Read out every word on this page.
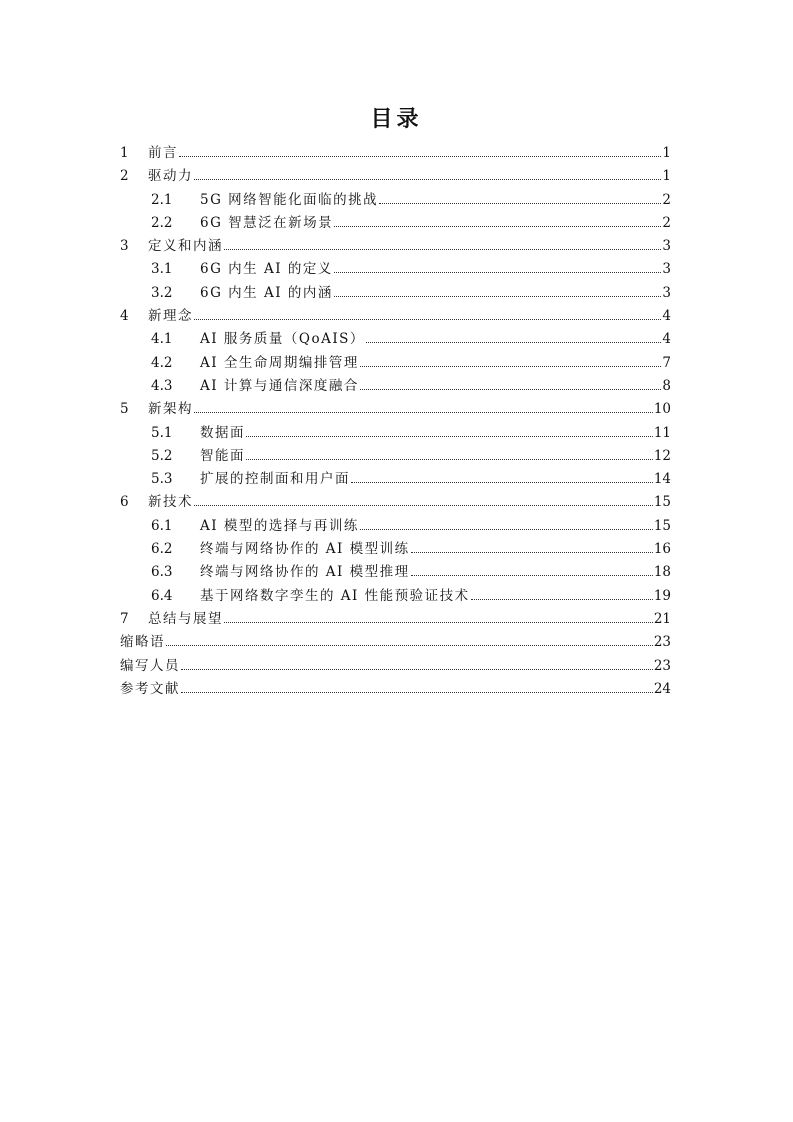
目录
1	前言	1
2	驱动力	1
2.1	5G 网络智能化面临的挑战	2
2.2	6G 智慧泛在新场景	2
3	定义和内涵	3
3.1	6G 内生 AI 的定义	3
3.2	6G 内生 AI 的内涵	3
4	新理念	4
4.1	AI 服务质量（QoAIS）	4
4.2	AI 全生命周期编排管理	7
4.3	AI 计算与通信深度融合	8
5	新架构	10
5.1	数据面	11
5.2	智能面	12
5.3	扩展的控制面和用户面	14
6	新技术	15
6.1	AI 模型的选择与再训练	15
6.2	终端与网络协作的 AI 模型训练	16
6.3	终端与网络协作的 AI 模型推理	18
6.4	基于网络数字孪生的 AI 性能预验证技术	19
7	总结与展望	21
缩略语	23
编写人员	23
参考文献	24
